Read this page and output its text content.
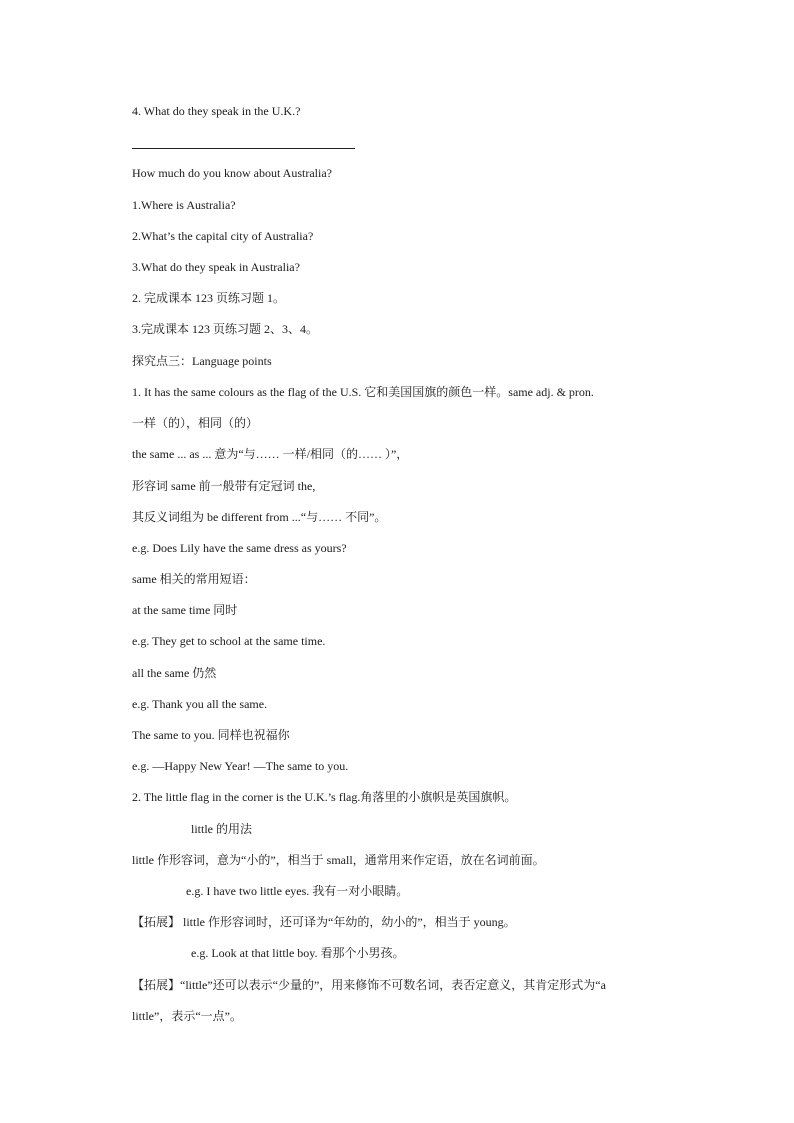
4. What do they speak in the U.K.?
How much do you know about Australia?
1.Where is Australia?
2.What’s the capital city of Australia?
3.What do they speak in Australia?
2. 完成课本 123 页练习题 1。
3.完成课本 123 页练习题 2、3、4。
探究点三：Language points
1. It has the same colours as the flag of the U.S. 它和美国国旗的颜色一样。same adj. & pron.
一样（的），相同（的）
the same ... as ... 意为“与…… 一样/相同（的…… ）”，
形容词 same 前一般带有定冠词 the,
其反义词组为 be different from ...“与…… 不同”。
e.g. Does Lily have the same dress as yours?
same 相关的常用短语：
at the same time 同时
e.g. They get to school at the same time.
all the same 仍然
e.g. Thank you all the same.
The same to you. 同样也祝福你
e.g. —Happy New Year! —The same to you.
2. The little flag in the corner is the U.K.’s flag.角落里的小旗帜是英国旗帜。
little 的用法
little 作形容词，意为“小的”，相当于 small，通常用来作定语，放在名词前面。
e.g. I have two little eyes. 我有一对小眼睛。
【拓展】 little 作形容词时，还可译为“年幼的，幼小的”，相当于 young。
e.g. Look at that little boy. 看那个小男孩。
【拓展】“little”还可以表示“少量的”，用来修饰不可数名词，表否定意义，其肯定形式为“a
little”，表示“一点”。
